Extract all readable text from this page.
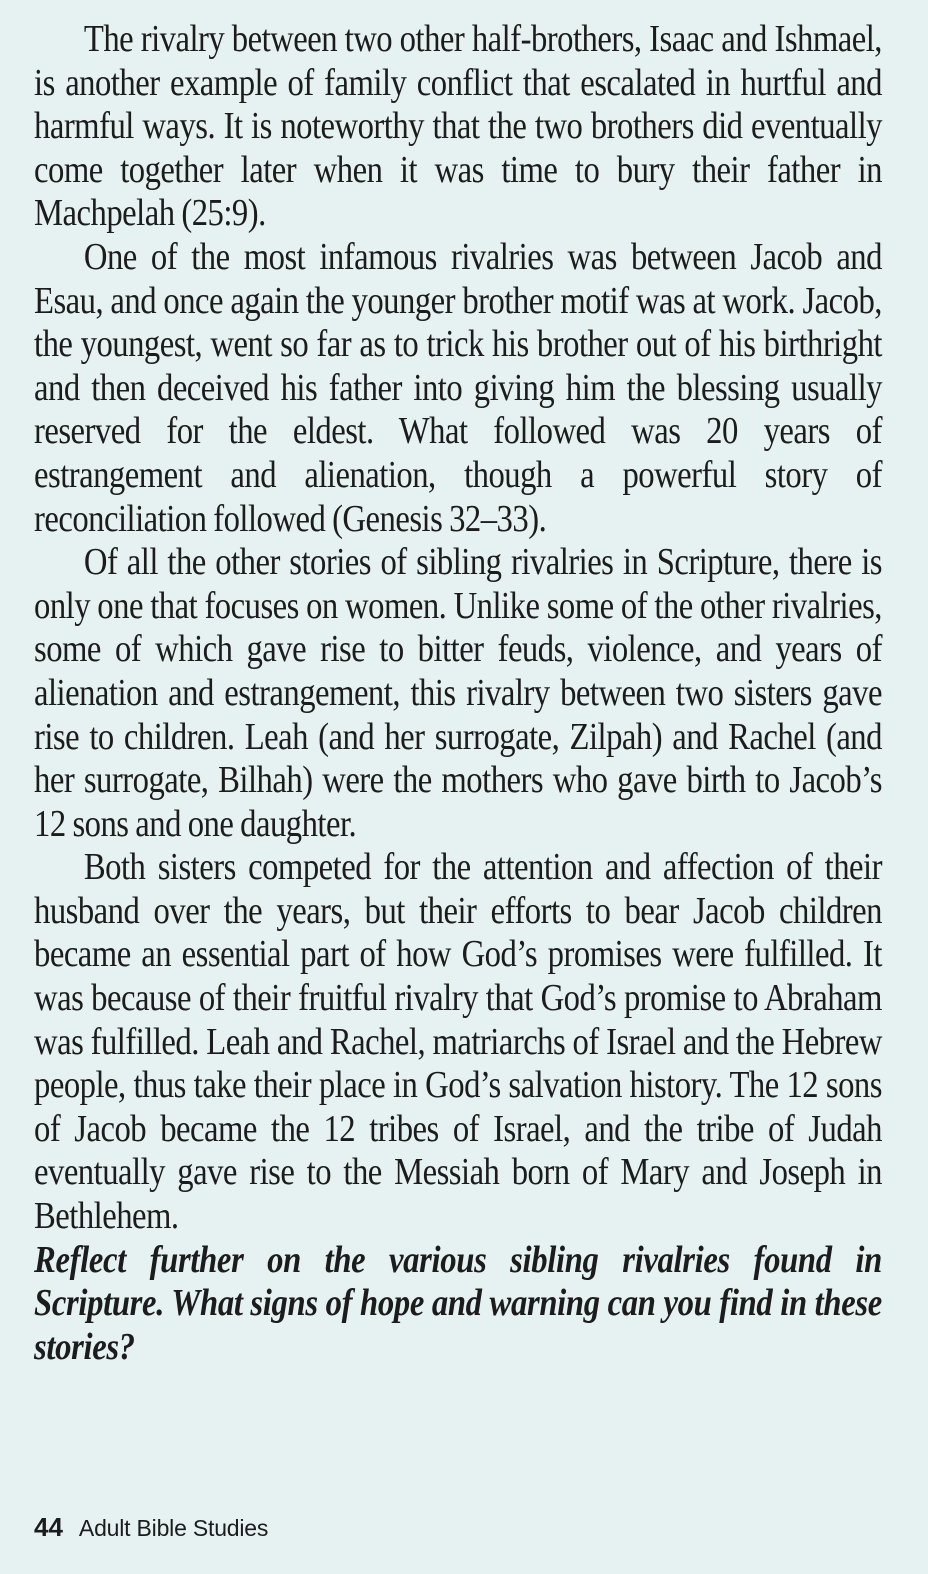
The rivalry between two other half-brothers, Isaac and Ishmael, is another example of family conflict that escalated in hurtful and harmful ways. It is noteworthy that the two brothers did eventually come together later when it was time to bury their father in Machpelah (25:9).

One of the most infamous rivalries was between Jacob and Esau, and once again the younger brother motif was at work. Jacob, the youngest, went so far as to trick his brother out of his birthright and then deceived his father into giving him the blessing usually reserved for the eldest. What followed was 20 years of estrangement and alienation, though a powerful story of reconciliation followed (Genesis 32–33).

Of all the other stories of sibling rivalries in Scripture, there is only one that focuses on women. Unlike some of the other rivalries, some of which gave rise to bitter feuds, violence, and years of alienation and estrangement, this rivalry between two sisters gave rise to children. Leah (and her surrogate, Zilpah) and Rachel (and her surrogate, Bilhah) were the mothers who gave birth to Jacob’s 12 sons and one daughter.

Both sisters competed for the attention and affection of their husband over the years, but their efforts to bear Jacob children became an essential part of how God’s promises were fulfilled. It was because of their fruitful rivalry that God’s promise to Abraham was fulfilled. Leah and Rachel, matriarchs of Israel and the Hebrew people, thus take their place in God’s salvation history. The 12 sons of Jacob became the 12 tribes of Israel, and the tribe of Judah eventually gave rise to the Messiah born of Mary and Joseph in Bethlehem.

Reflect further on the various sibling rivalries found in Scripture. What signs of hope and warning can you find in these stories?

44 Adult Bible Studies
